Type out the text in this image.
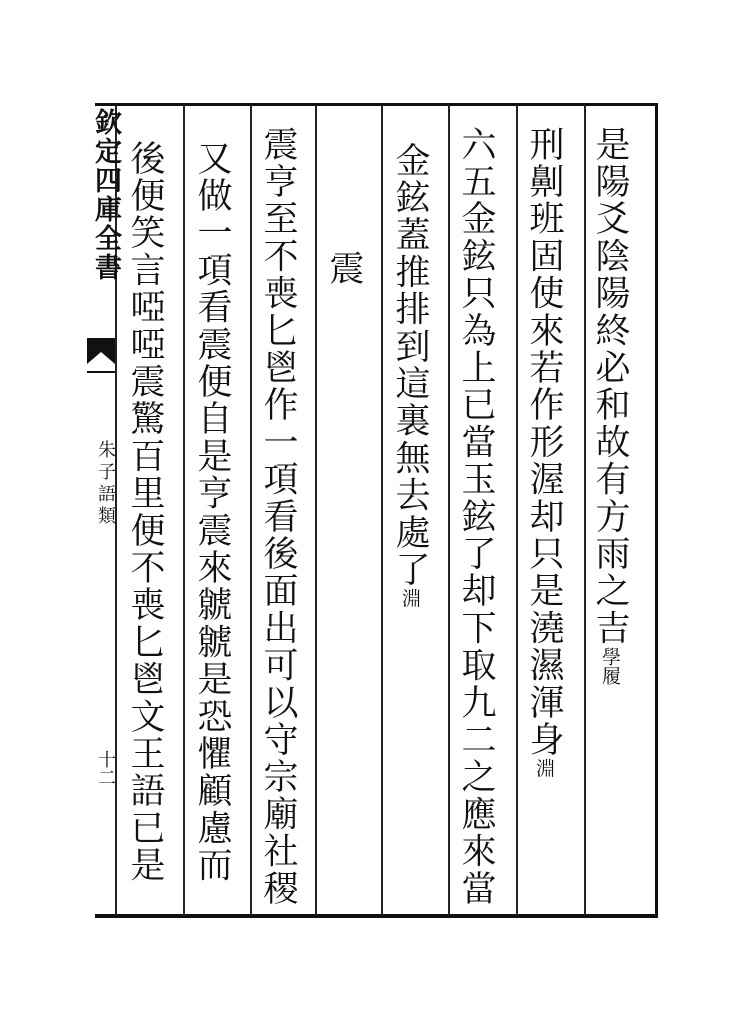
欽定四庫全書
朱子語類
十二
是陽爻陰陽終必和故有方雨之吉學履
刑劓班固使來若作形渥却只是澆濕渾身淵
六五金鉉只為上已當玉鉉了却下取九二之應來當
金鉉蓋推排到這裏無去處了淵
震
震亨至不喪匕鬯作一項看後面出可以守宗廟社稷
又做一項看震便自是亨震來虩虩是恐懼顧慮而
後便笑言啞啞震驚百里便不喪匕鬯文王語已是
